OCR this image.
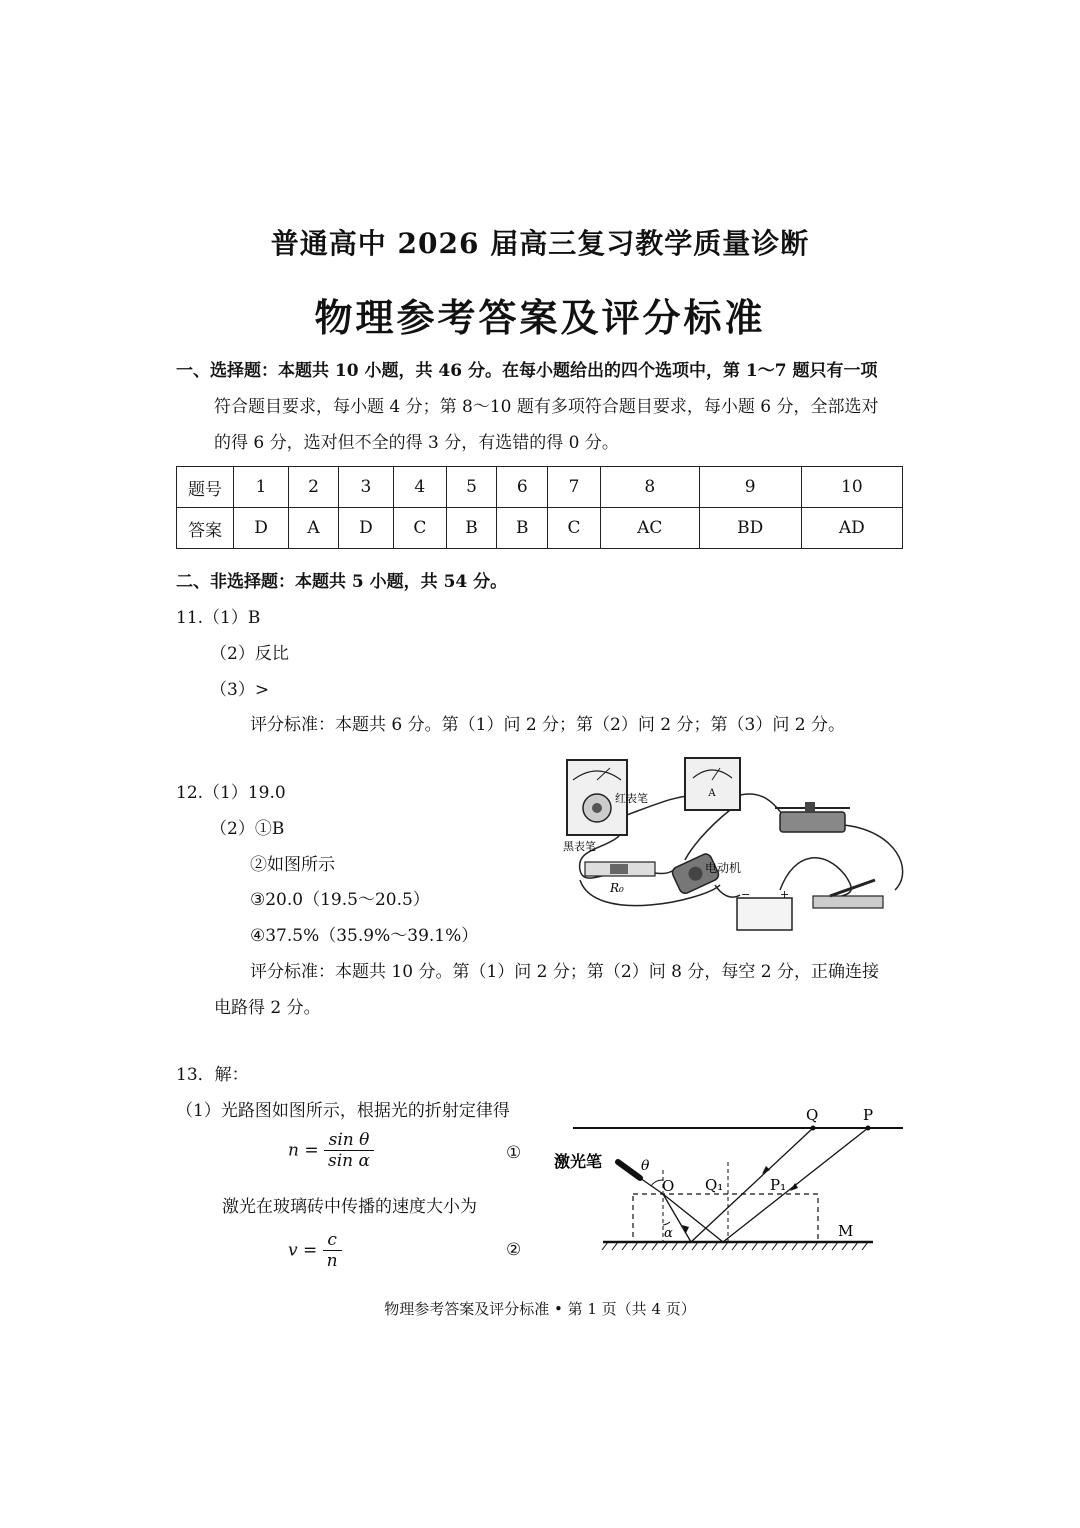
普通高中 2026 届高三复习教学质量诊断
物理参考答案及评分标准
一、选择题：本题共 10 小题，共 46 分。在每小题给出的四个选项中，第 1～7 题只有一项
符合题目要求，每小题 4 分；第 8～10 题有多项符合题目要求，每小题 6 分，全部选对
的得 6 分，选对但不全的得 3 分，有选错的得 0 分。
题号	1	2	3	4	5	6	7	8	9	10
答案	D	A	D	C	B	B	C	AC	BD	AD
二、非选择题：本题共 5 小题，共 54 分。
11.（1）B
（2）反比
（3）>
评分标准：本题共 6 分。第（1）问 2 分；第（2）问 2 分；第（3）问 2 分。
12.（1）19.0
（2）①B
②如图所示
③20.0（19.5～20.5）
④37.5%（35.9%～39.1%）
评分标准：本题共 10 分。第（1）问 2 分；第（2）问 8 分，每空 2 分，正确连接
电路得 2 分。
A
红表笔
黑表笔
R₀
电动机
+
−
13．解：
（1）光路图如图所示，根据光的折射定律得
$n = \frac{\text{sin θ}}{\text{sin α}}$	①
激光在玻璃砖中传播的速度大小为
$v = \frac{c}{n}$	②
激光笔
Q	P
O Q₁	P₁
M
θ
α
物理参考答案及评分标准 • 第 1 页（共 4 页）
